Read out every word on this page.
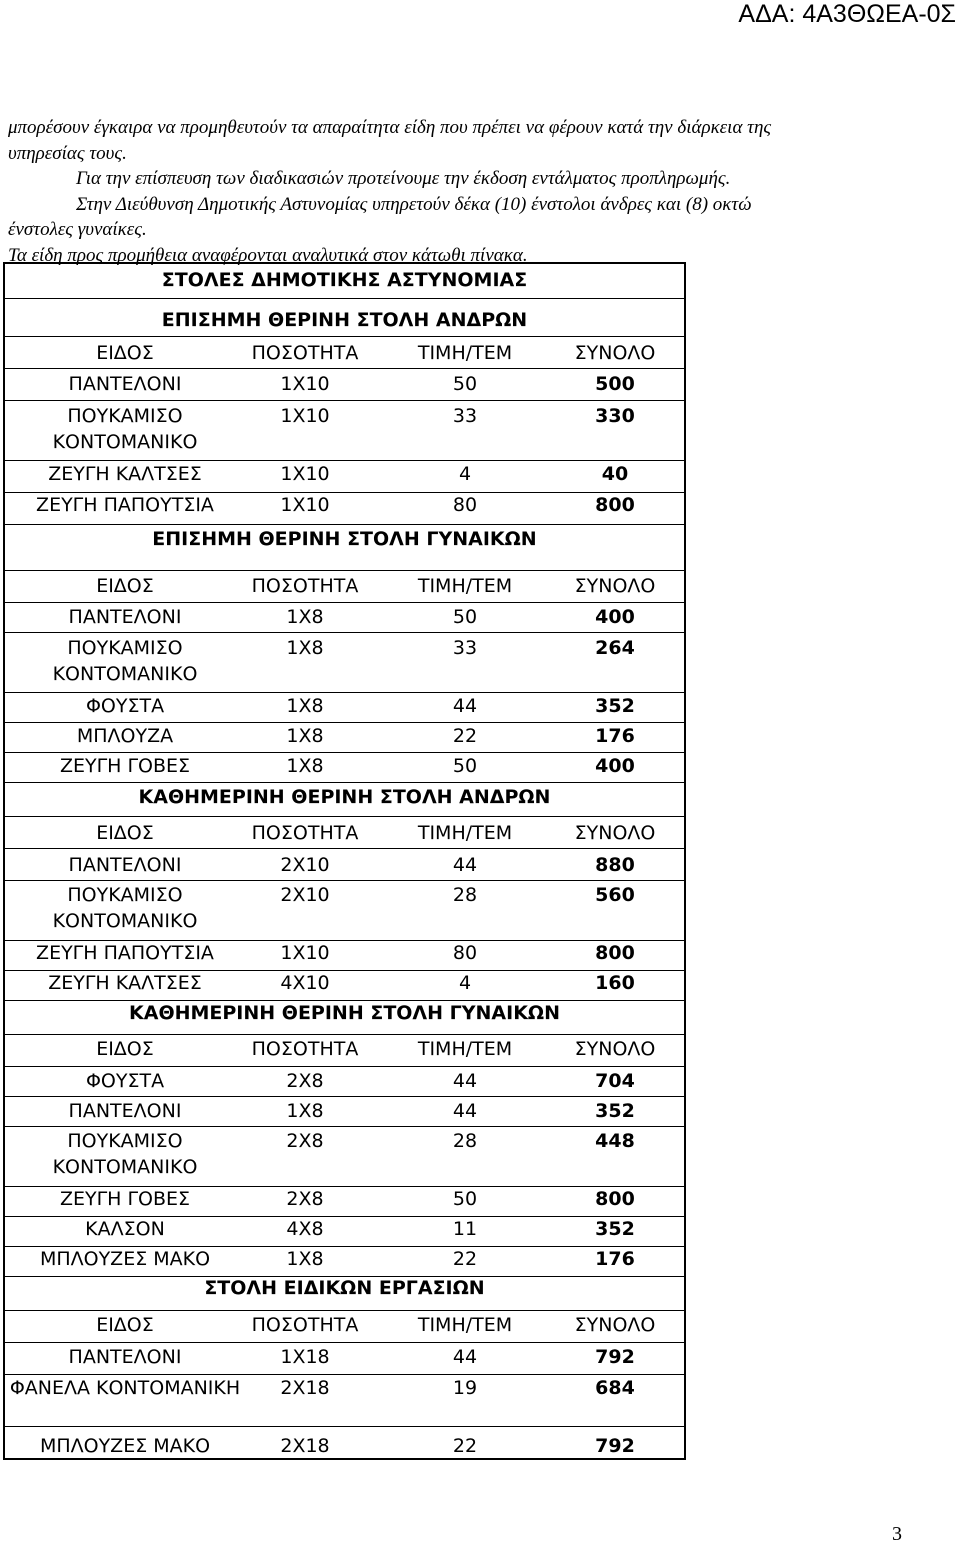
ΑΔΑ: 4Α3ΘΩΕΑ-0Σ

μπορέσουν έγκαιρα να προμηθευτούν τα απαραίτητα είδη που πρέπει να φέρουν κατά την διάρκεια της

υπηρεσίας τους.

Για την επίσπευση των διαδικασιών προτείνουμε την έκδοση εντάλματος προπληρωμής.

Στην Διεύθυνση Δημοτικής Αστυνομίας υπηρετούν δέκα (10) ένστολοι άνδρες και (8) οκτώ

ένστολες γυναίκες.

Τα είδη προς προμήθεια αναφέρονται αναλυτικά στον κάτωθι πίνακα.

ΣΤΟΛΕΣ ΔΗΜΟΤΙΚΗΣ ΑΣΤΥΝΟΜΙΑΣ
ΕΠΙΣΗΜΗ ΘΕΡΙΝΗ ΣΤΟΛΗ ΑΝΔΡΩΝ
ΕΙΔΟΣ	ΠΟΣΟΤΗΤΑ	ΤΙΜΗ/ΤΕΜ	ΣΥΝΟΛΟ
ΠΑΝΤΕΛΟΝΙ	1Χ10	50	500
ΠΟΥΚΑΜΙΣΟ	1Χ10	33	330
ΚΟΝΤΟΜΑΝΙΚΟ
ΖΕΥΓΗ ΚΑΛΤΣΕΣ	1Χ10	4	40
ΖΕΥΓΗ ΠΑΠΟΥΤΣΙΑ	1Χ10	80	800
ΕΠΙΣΗΜΗ ΘΕΡΙΝΗ ΣΤΟΛΗ ΓΥΝΑΙΚΩΝ
ΕΙΔΟΣ	ΠΟΣΟΤΗΤΑ	ΤΙΜΗ/ΤΕΜ	ΣΥΝΟΛΟ
ΠΑΝΤΕΛΟΝΙ	1Χ8	50	400
ΠΟΥΚΑΜΙΣΟ	1Χ8	33	264
ΚΟΝΤΟΜΑΝΙΚΟ
ΦΟΥΣΤΑ	1Χ8	44	352
ΜΠΛΟΥΖΑ	1Χ8	22	176
ΖΕΥΓΗ ΓΟΒΕΣ	1Χ8	50	400
ΚΑΘΗΜΕΡΙΝΗ ΘΕΡΙΝΗ ΣΤΟΛΗ ΑΝΔΡΩΝ
ΕΙΔΟΣ	ΠΟΣΟΤΗΤΑ	ΤΙΜΗ/ΤΕΜ	ΣΥΝΟΛΟ
ΠΑΝΤΕΛΟΝΙ	2Χ10	44	880
ΠΟΥΚΑΜΙΣΟ	2Χ10	28	560
ΚΟΝΤΟΜΑΝΙΚΟ
ΖΕΥΓΗ ΠΑΠΟΥΤΣΙΑ	1Χ10	80	800
ΖΕΥΓΗ ΚΑΛΤΣΕΣ	4Χ10	4	160
ΚΑΘΗΜΕΡΙΝΗ ΘΕΡΙΝΗ ΣΤΟΛΗ ΓΥΝΑΙΚΩΝ
ΕΙΔΟΣ	ΠΟΣΟΤΗΤΑ	ΤΙΜΗ/ΤΕΜ	ΣΥΝΟΛΟ
ΦΟΥΣΤΑ	2Χ8	44	704
ΠΑΝΤΕΛΟΝΙ	1Χ8	44	352
ΠΟΥΚΑΜΙΣΟ	2Χ8	28	448
ΚΟΝΤΟΜΑΝΙΚΟ
ΖΕΥΓΗ ΓΟΒΕΣ	2Χ8	50	800
ΚΑΛΣΟΝ	4Χ8	11	352
ΜΠΛΟΥΖΕΣ ΜΑΚΟ	1Χ8	22	176
ΣΤΟΛΗ ΕΙΔΙΚΩΝ ΕΡΓΑΣΙΩΝ
ΕΙΔΟΣ	ΠΟΣΟΤΗΤΑ	ΤΙΜΗ/ΤΕΜ	ΣΥΝΟΛΟ
ΠΑΝΤΕΛΟΝΙ	1Χ18	44	792
ΦΑΝΕΛΑ ΚΟΝΤΟΜΑΝΙΚΗ	2Χ18	19	684
ΜΠΛΟΥΖΕΣ ΜΑΚΟ	2Χ18	22	792
3
